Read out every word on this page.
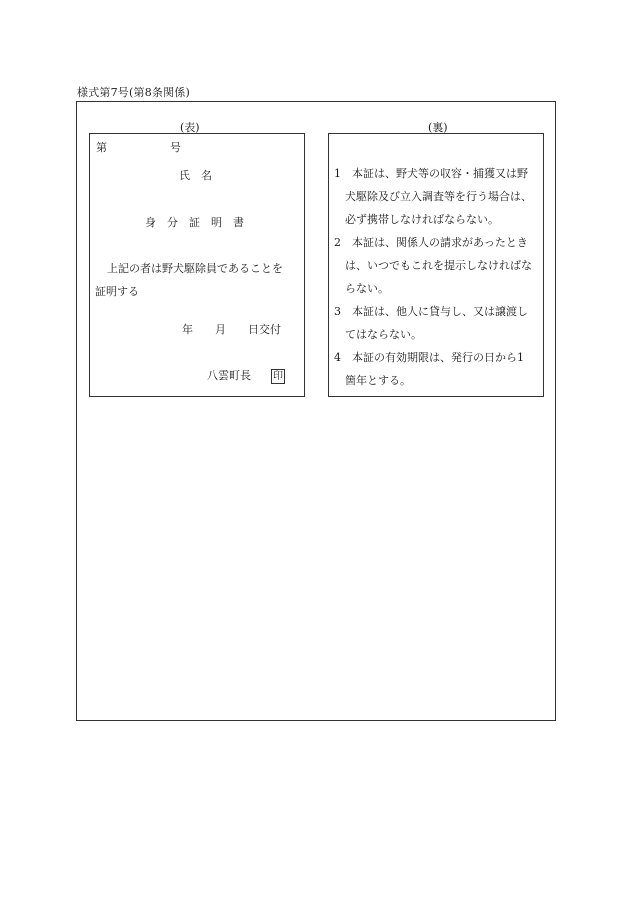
様式第7号(第8条関係)
(表)	(裏)
第	号
氏　名
身　分　証　明　書
上記の者は野犬駆除員であることを
証明する
年　　月　　日交付
八雲町長 印
1　本証は、野犬等の収容・捕獲又は野
　犬駆除及び立入調査等を行う場合は、
　必ず携帯しなければならない。
2　本証は、関係人の請求があったとき
　は、いつでもこれを提示しなければな
　らない。
3　本証は、他人に貸与し、又は譲渡し
　てはならない。
4　本証の有効期限は、発行の日から1
　箇年とする。
